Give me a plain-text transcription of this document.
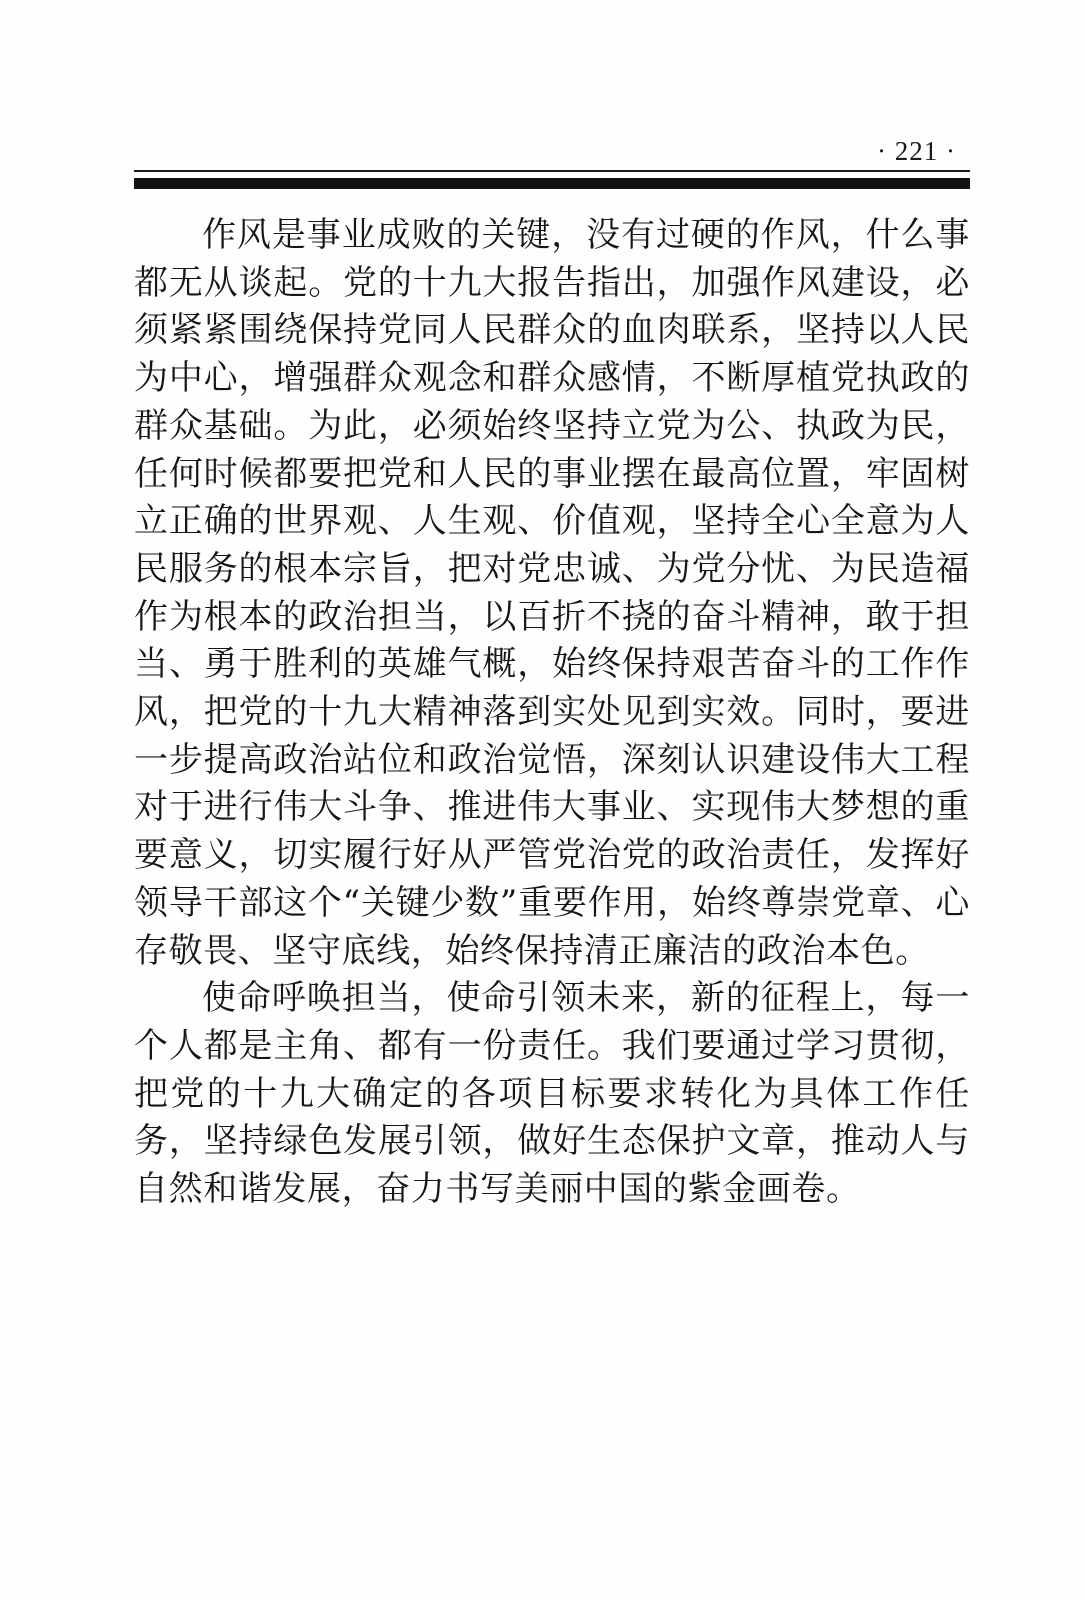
· 221 ·

作风是事业成败的关键，没有过硬的作风，什么事都无从谈起。党的十九大报告指出，加强作风建设，必须紧紧围绕保持党同人民群众的血肉联系，坚持以人民为中心，增强群众观念和群众感情，不断厚植党执政的群众基础。为此，必须始终坚持立党为公、执政为民，任何时候都要把党和人民的事业摆在最高位置，牢固树立正确的世界观、人生观、价值观，坚持全心全意为人民服务的根本宗旨，把对党忠诚、为党分忧、为民造福作为根本的政治担当，以百折不挠的奋斗精神，敢于担当、勇于胜利的英雄气概，始终保持艰苦奋斗的工作作风，把党的十九大精神落到实处见到实效。同时，要进一步提高政治站位和政治觉悟，深刻认识建设伟大工程对于进行伟大斗争、推进伟大事业、实现伟大梦想的重要意义，切实履行好从严管党治党的政治责任，发挥好领导干部这个“关键少数”重要作用，始终尊崇党章、心存敬畏、坚守底线，始终保持清正廉洁的政治本色。

使命呼唤担当，使命引领未来，新的征程上，每一个人都是主角、都有一份责任。我们要通过学习贯彻，把党的十九大确定的各项目标要求转化为具体工作任务，坚持绿色发展引领，做好生态保护文章，推动人与自然和谐发展，奋力书写美丽中国的紫金画卷。
